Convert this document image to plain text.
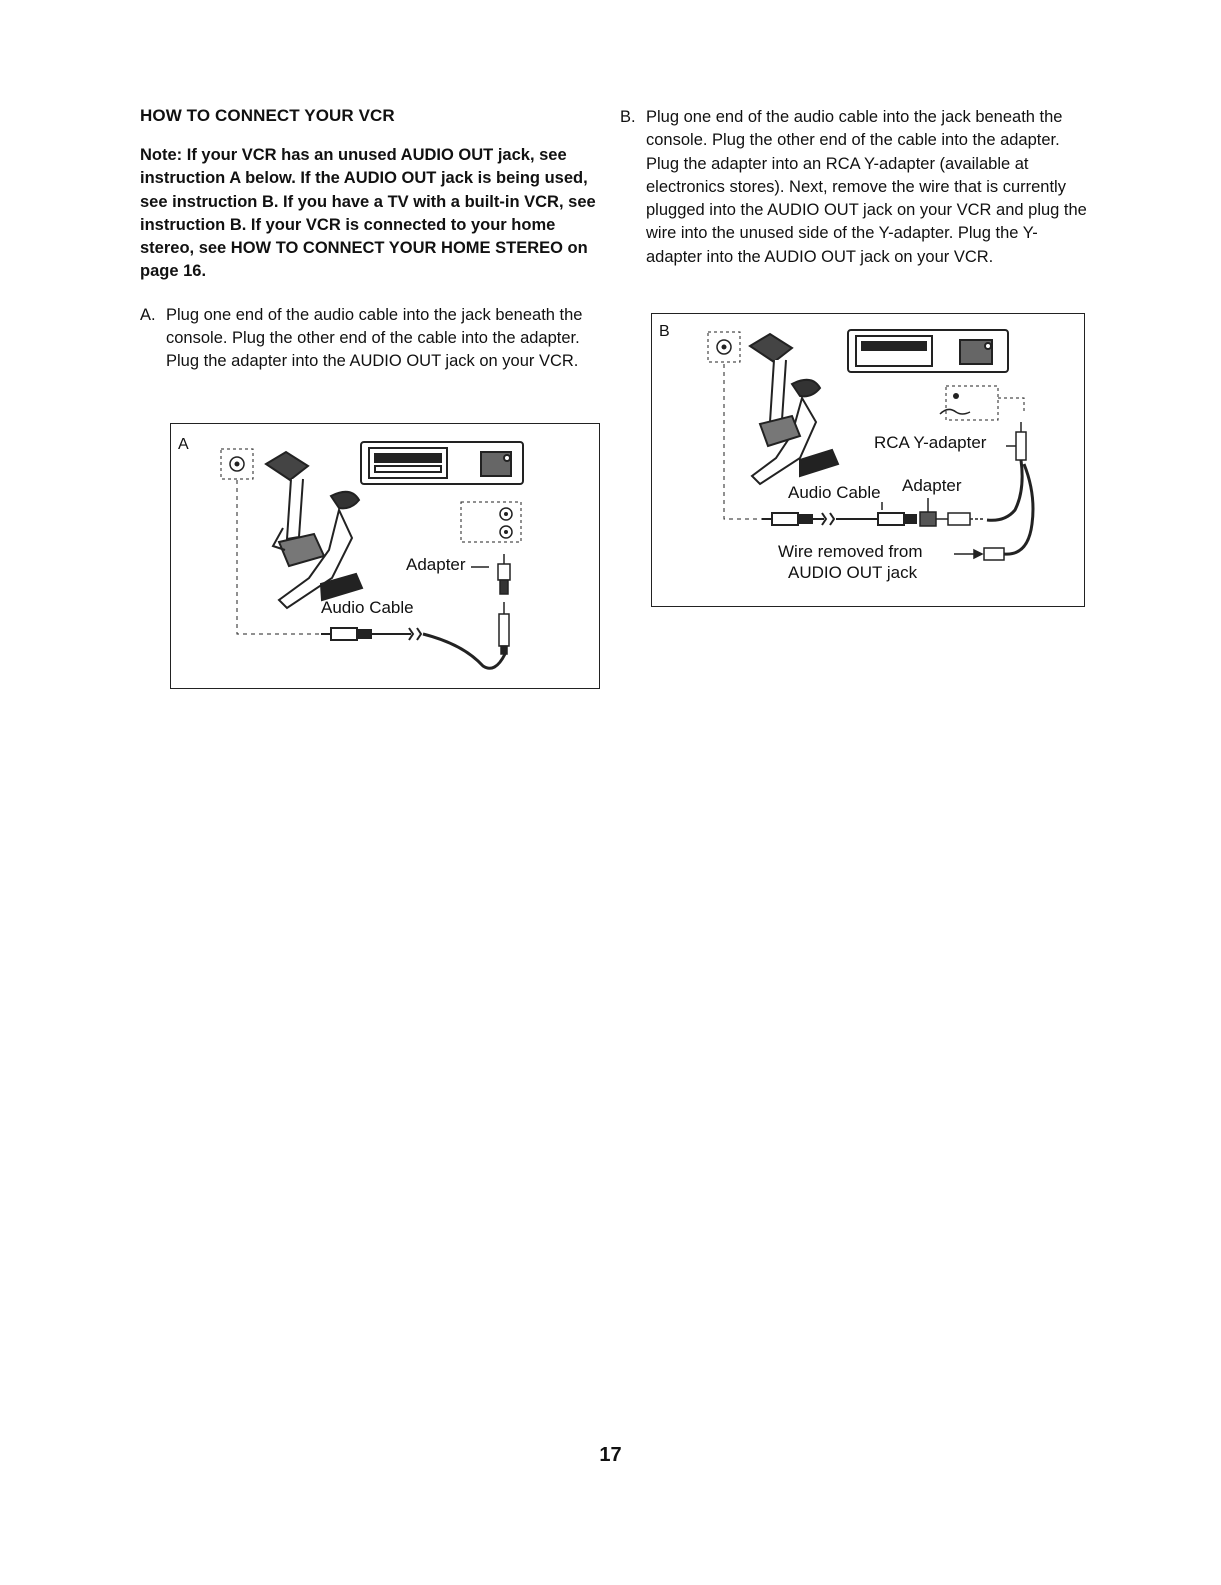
HOW TO CONNECT YOUR VCR

Note: If your VCR has an unused AUDIO OUT jack, see instruction A below. If the AUDIO OUT jack is being used, see instruction B. If you have a TV with a built-in VCR, see instruction B. If your VCR is connected to your home stereo, see HOW TO CONNECT YOUR HOME STEREO on page 16.

A. Plug one end of the audio cable into the jack beneath the console. Plug the other end of the cable into the adapter. Plug the adapter into the AUDIO OUT jack on your VCR.

B. Plug one end of the audio cable into the jack beneath the console. Plug the other end of the cable into the adapter. Plug the adapter into an RCA Y-adapter (available at electronics stores). Next, remove the wire that is currently plugged into the AUDIO OUT jack on your VCR and plug the wire into the unused side of the Y-adapter. Plug the Y-adapter into the AUDIO OUT jack on your VCR.

A
Adapter
Audio Cable
B
RCA Y-adapter
Audio Cable Adapter
Wire removed from
AUDIO OUT jack
17
